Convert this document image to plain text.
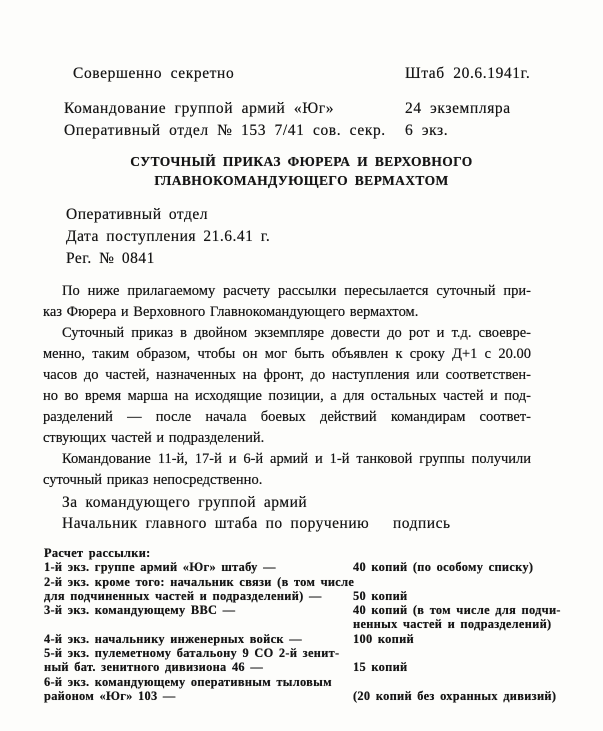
Совершенно секретно	Штаб 20.6.1941г.
Командование группой армий «Юг»	24 экземпляра
Оперативный отдел № 153 7/41 сов. секр.	6 экз.
СУТОЧНЫЙ ПРИКАЗ ФЮРЕРА И ВЕРХОВНОГО
ГЛАВНОКОМАНДУЮЩЕГО ВЕРМАХТОМ
Оперативный отдел
Дата поступления 21.6.41 г.
Рег. № 0841
По ниже прилагаемому расчету рассылки пересылается суточный при-
каз Фюрера и Верховного Главнокомандующего вермахтом.
Суточный приказ в двойном экземпляре довести до рот и т.д. своевре-
менно, таким образом, чтобы он мог быть объявлен к сроку Д+1 с 20.00
часов до частей, назначенных на фронт, до наступления или соответствен-
но во время марша на исходящие позиции, а для остальных частей и под-
разделений — после начала боевых действий командирам соответ-
ствующих частей и подразделений.
Командование 11-й, 17-й и 6-й армий и 1-й танковой группы получили
суточный приказ непосредственно.
За командующего группой армий
Начальник главного штаба по поручению	подпись
Расчет рассылки:
1-й экз. группе армий «Юг» штабу —	40 копий (по особому списку)
2-й экз. кроме того: начальник связи (в том числе
для подчиненных частей и подразделений) —	50 копий
3-й экз. командующему ВВС —	40 копий (в том числе для подчи-
ненных частей и подразделений)
4-й экз. начальнику инженерных войск —	100 копий
5-й экз. пулеметному батальону 9 СО 2-й зенит-
ный бат. зенитного дивизиона 46 —	15 копий
6-й экз. командующему оперативным тыловым
районом «Юг» 103 —	(20 копий без охранных дивизий)
